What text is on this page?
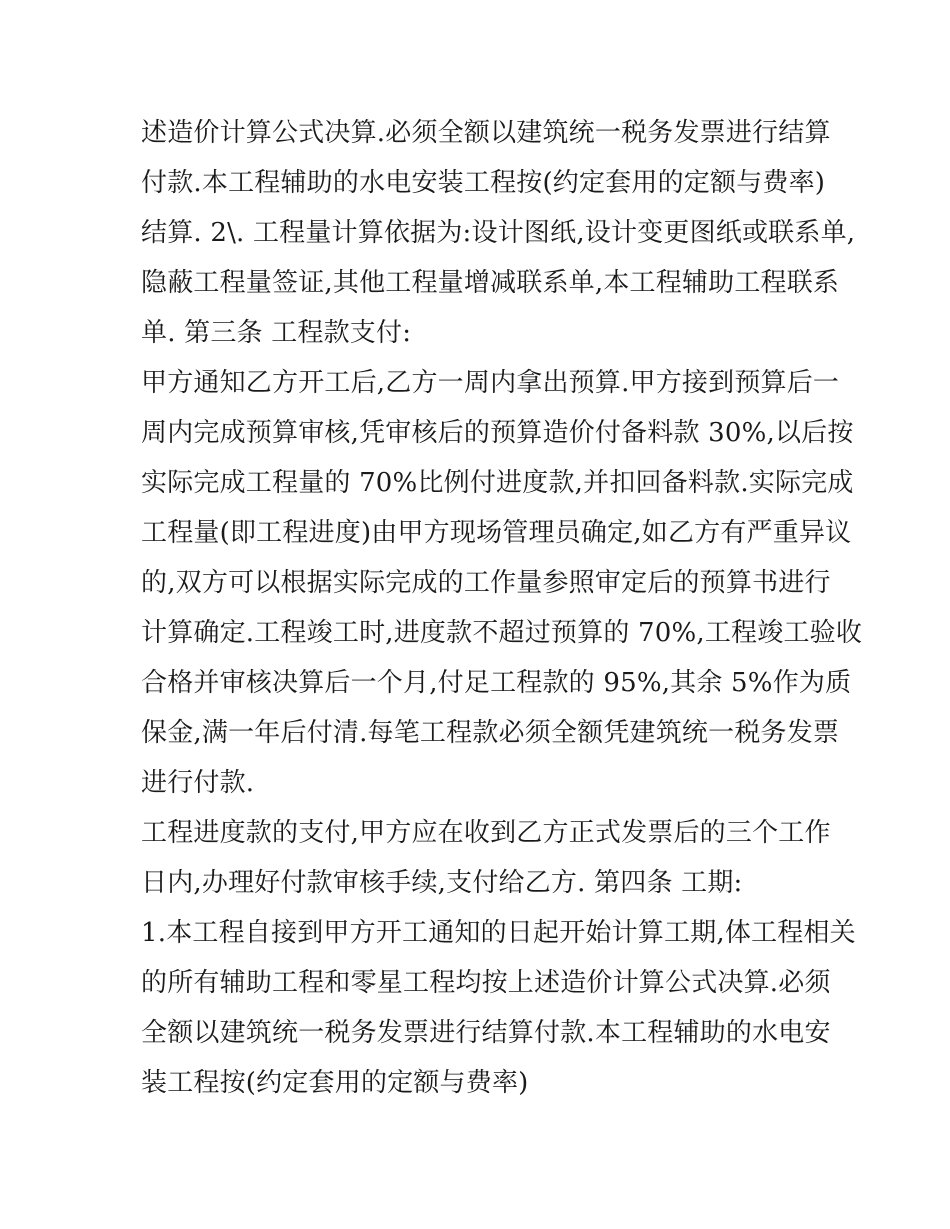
述造价计算公式决算.必须全额以建筑统一税务发票进行结算
付款.本工程辅助的水电安装工程按(约定套用的定额与费率)
结算. 2\. 工程量计算依据为:设计图纸,设计变更图纸或联系单,
隐蔽工程量签证,其他工程量增减联系单,本工程辅助工程联系
单. 第三条 工程款支付:
甲方通知乙方开工后,乙方一周内拿出预算.甲方接到预算后一
周内完成预算审核,凭审核后的预算造价付备料款 30%,以后按
实际完成工程量的 70%比例付进度款,并扣回备料款.实际完成
工程量(即工程进度)由甲方现场管理员确定,如乙方有严重异议
的,双方可以根据实际完成的工作量参照审定后的预算书进行
计算确定.工程竣工时,进度款不超过预算的 70%,工程竣工验收
合格并审核决算后一个月,付足工程款的 95%,其余 5%作为质
保金,满一年后付清.每笔工程款必须全额凭建筑统一税务发票
进行付款.
工程进度款的支付,甲方应在收到乙方正式发票后的三个工作
日内,办理好付款审核手续,支付给乙方. 第四条 工期:
1.本工程自接到甲方开工通知的日起开始计算工期,体工程相关
的所有辅助工程和零星工程均按上述造价计算公式决算.必须
全额以建筑统一税务发票进行结算付款.本工程辅助的水电安
装工程按(约定套用的定额与费率)
